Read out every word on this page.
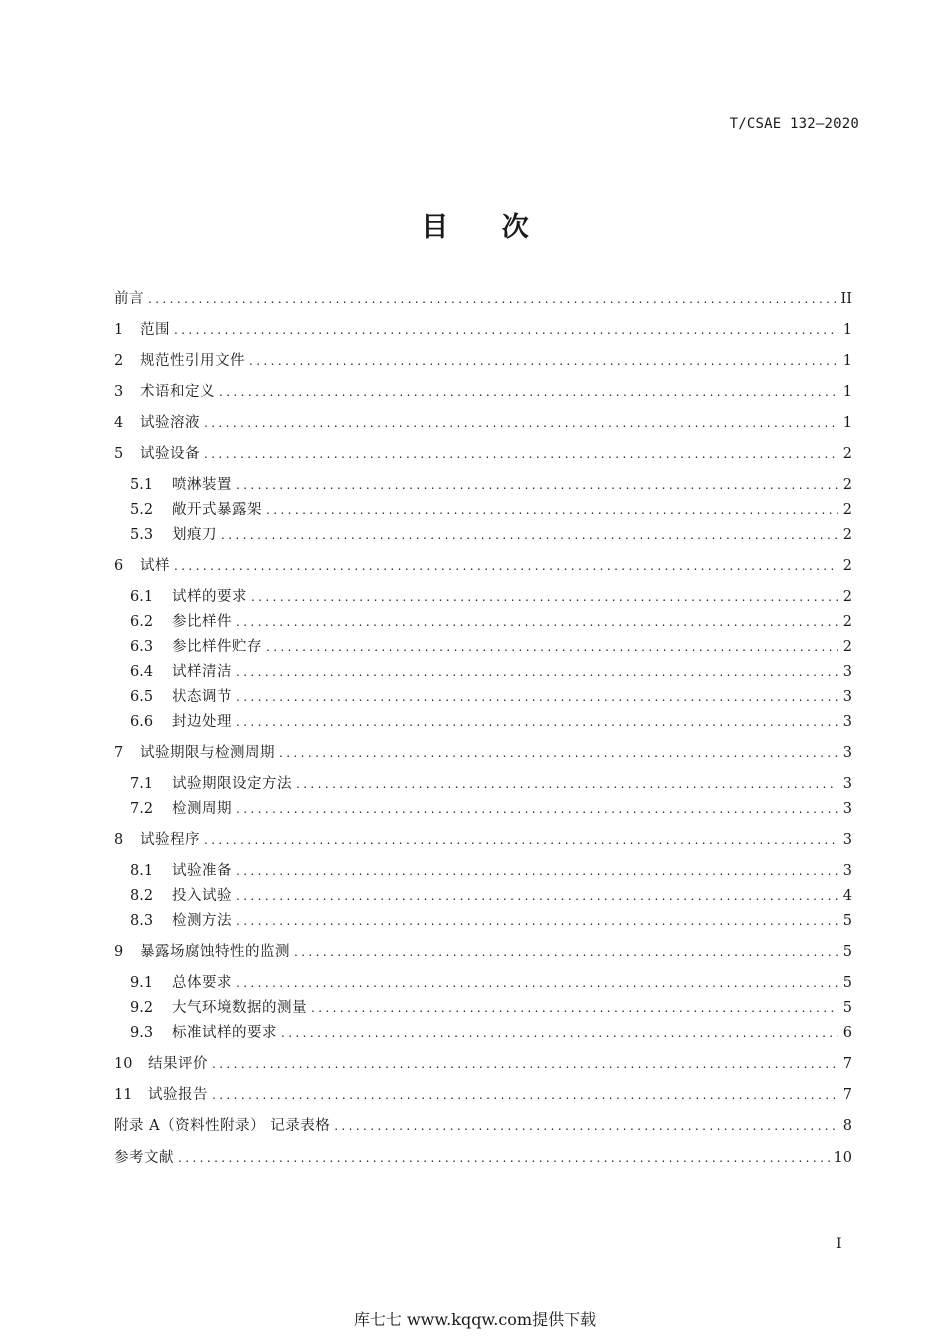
T/CSAE 132—2020
目 次
前言 .....	II
1	范围 .....	1
2	规范性引用文件 .....	1
3	术语和定义 .....	1
4	试验溶液 .....	1
5	试验设备 .....	2
5.1	喷淋装置 .....	2
5.2	敞开式暴露架 .....	2
5.3	划痕刀 .....	2
6	试样 .....	2
6.1	试样的要求 .....	2
6.2	参比样件 .....	2
6.3	参比样件贮存 .....	2
6.4	试样清洁 .....	3
6.5	状态调节 .....	3
6.6	封边处理 .....	3
7	试验期限与检测周期 .....	3
7.1	试验期限设定方法 .....	3
7.2	检测周期 .....	3
8	试验程序 .....	3
8.1	试验准备 .....	3
8.2	投入试验 .....	4
8.3	检测方法 .....	5
9	暴露场腐蚀特性的监测 .....	5
9.1	总体要求 .....	5
9.2	大气环境数据的测量 .....	5
9.3	标准试样的要求 .....	6
10	结果评价 .....	7
11	试验报告 .....	7
附录 A（资料性附录） 记录表格 .....	8
参考文献 .....	10
I
库七七 www.kqqw.com提供下载
